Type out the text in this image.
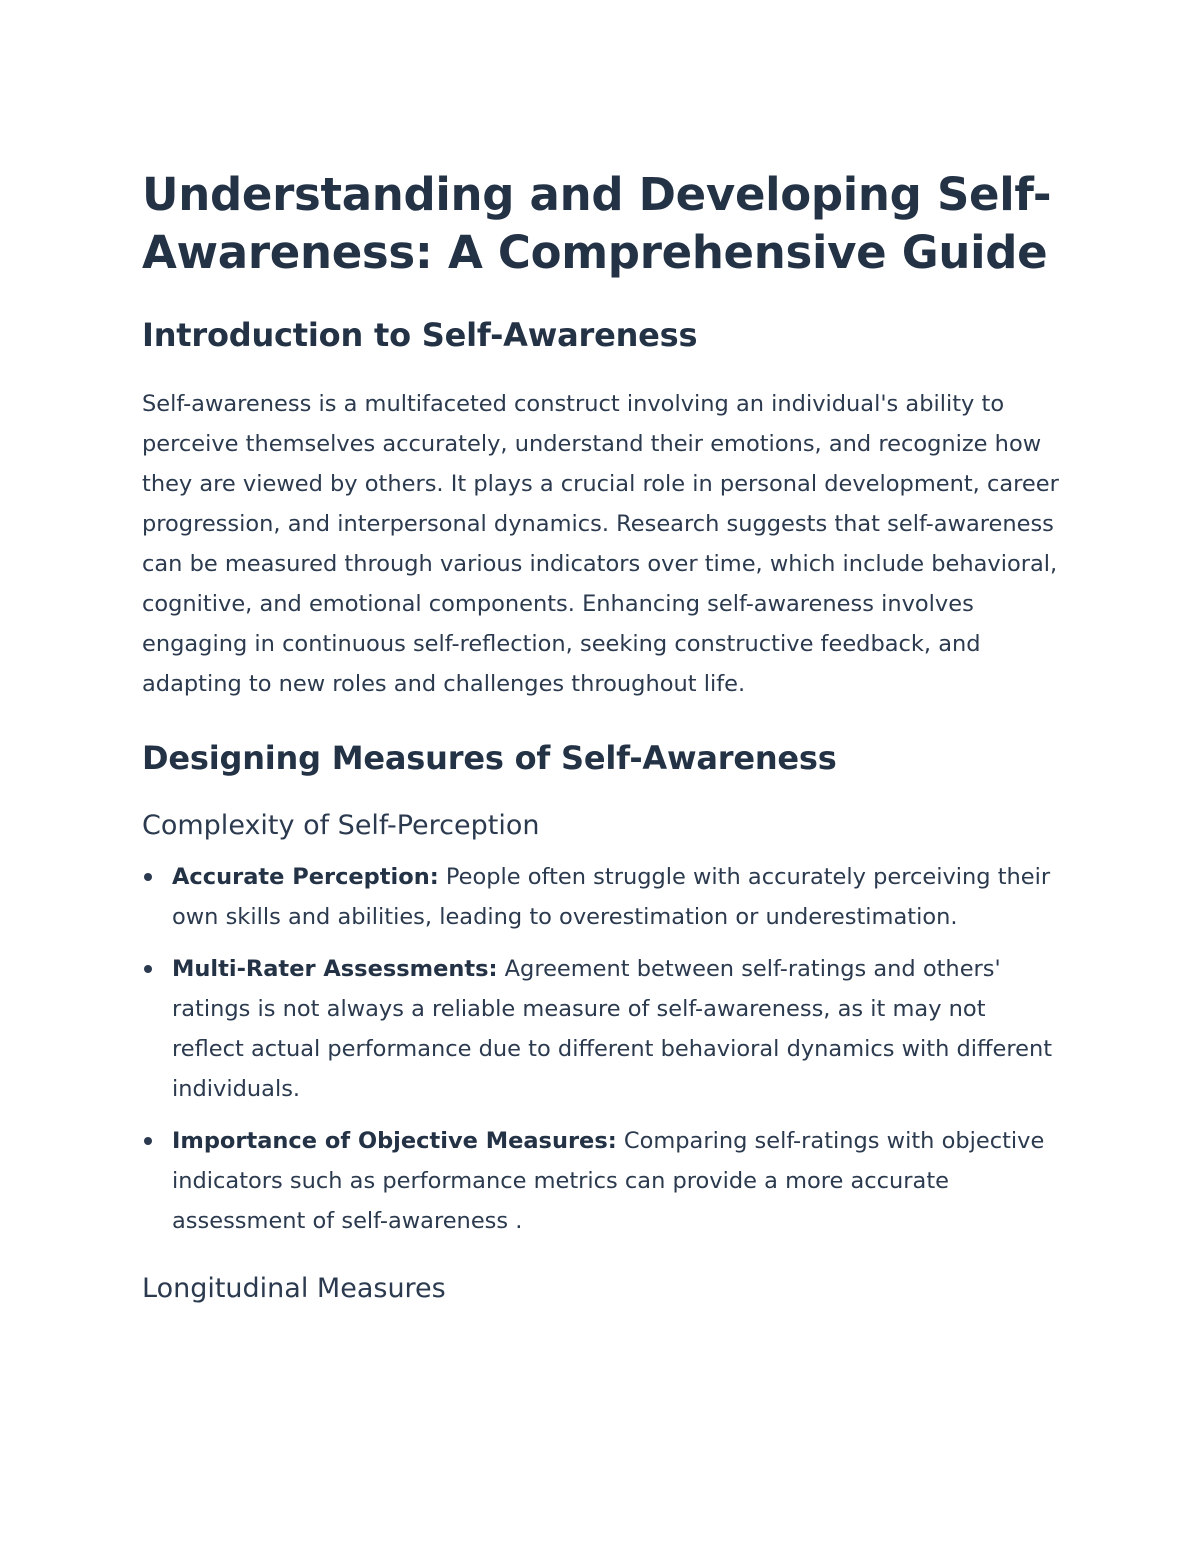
Understanding and Developing Self-Awareness: A Comprehensive Guide
Introduction to Self-Awareness

Self-awareness is a multifaceted construct involving an individual's ability to perceive themselves accurately, understand their emotions, and recognize how they are viewed by others. It plays a crucial role in personal development, career progression, and interpersonal dynamics. Research suggests that self-awareness can be measured through various indicators over time, which include behavioral, cognitive, and emotional components. Enhancing self-awareness involves engaging in continuous self-reflection, seeking constructive feedback, and adapting to new roles and challenges throughout life.

Designing Measures of Self-Awareness
Complexity of Self-Perception
Accurate Perception: People often struggle with accurately perceiving their own skills and abilities, leading to overestimation or underestimation.
Multi-Rater Assessments: Agreement between self-ratings and others' ratings is not always a reliable measure of self-awareness, as it may not reflect actual performance due to different behavioral dynamics with different individuals.
Importance of Objective Measures: Comparing self-ratings with objective indicators such as performance metrics can provide a more accurate assessment of self-awareness .
Longitudinal Measures
